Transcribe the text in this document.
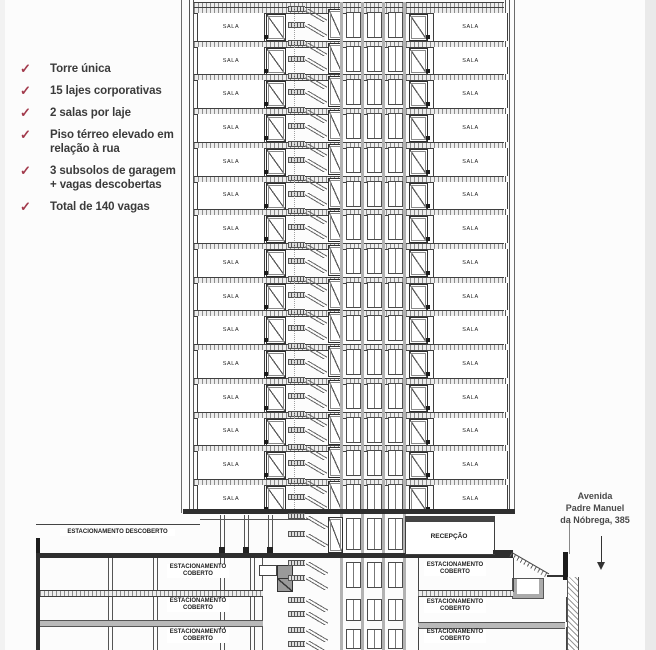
✓	Torre única
✓	15 lajes corporativas
✓	2 salas por laje
✓	Piso térreo elevado em relação à rua
✓	3 subsolos de garagem + vagas descobertas
✓	Total de 140 vagas
SALA	SALA
SALA	SALA
SALA	SALA
SALA	SALA
SALA	SALA
SALA	SALA
SALA	SALA
SALA	SALA
SALA	SALA
SALA	SALA
SALA	SALA
SALA	SALA
SALA	SALA
SALA	SALA
SALA	SALA
ESTACIONAMENTO DESCOBERTO
RECEPÇÃO
Avenida
Padre Manuel
da Nóbrega, 385
ESTACIONAMENTO COBERTO
ESTACIONAMENTO COBERTO
ESTACIONAMENTO COBERTO
ESTACIONAMENTO COBERTO
ESTACIONAMENTO COBERTO
ESTACIONAMENTO COBERTO
